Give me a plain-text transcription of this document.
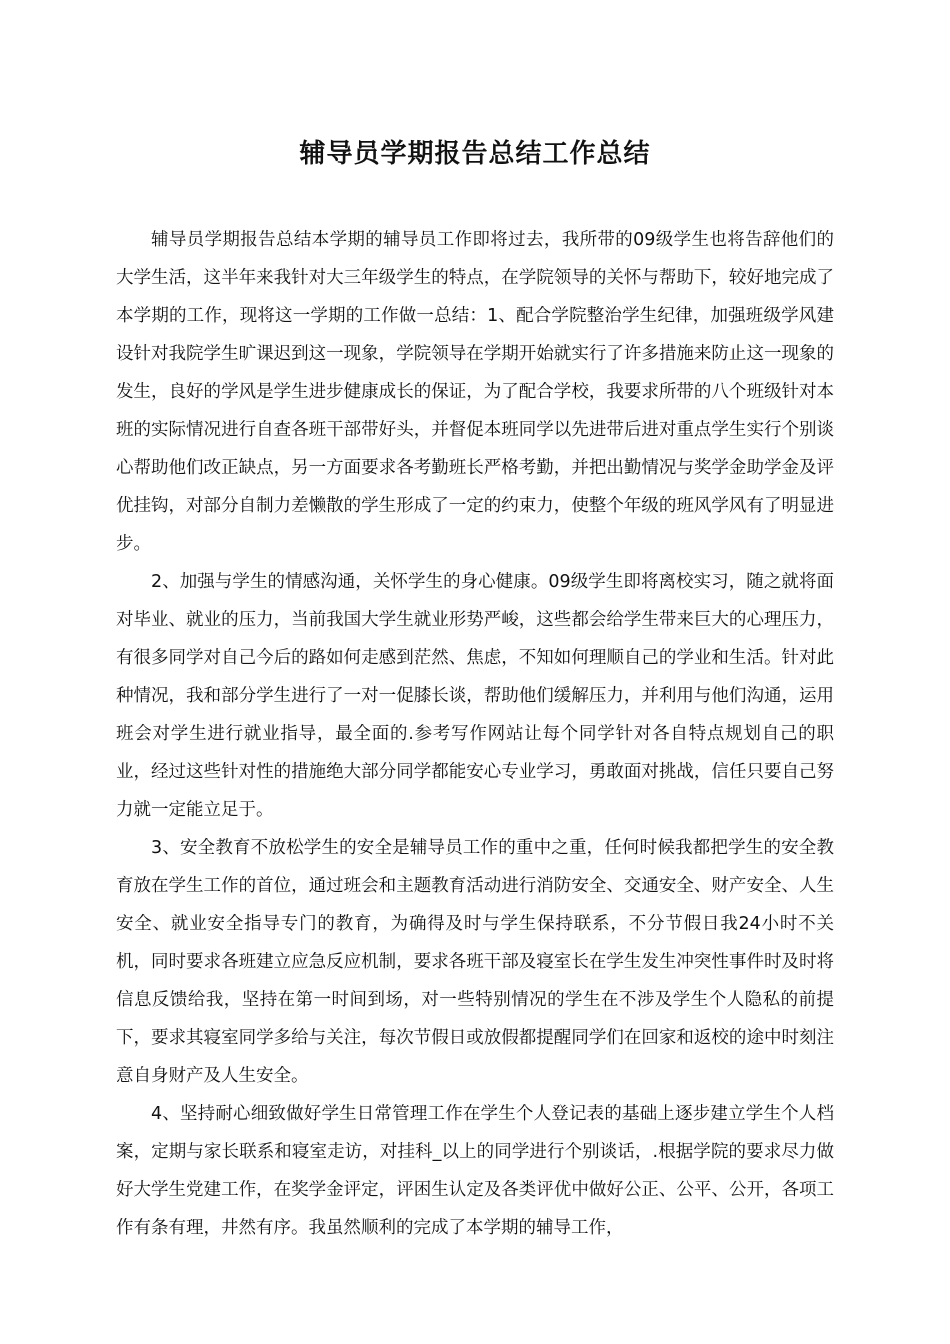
辅导员学期报告总结工作总结

辅导员学期报告总结本学期的辅导员工作即将过去，我所带的09级学生也将告辞他们的大学生活，这半年来我针对大三年级学生的特点，在学院领导的关怀与帮助下，较好地完成了本学期的工作，现将这一学期的工作做一总结：1、配合学院整治学生纪律，加强班级学风建设针对我院学生旷课迟到这一现象，学院领导在学期开始就实行了许多措施来防止这一现象的发生，良好的学风是学生进步健康成长的保证，为了配合学校，我要求所带的八个班级针对本班的实际情况进行自查各班干部带好头，并督促本班同学以先进带后进对重点学生实行个别谈心帮助他们改正缺点，另一方面要求各考勤班长严格考勤，并把出勤情况与奖学金助学金及评优挂钩，对部分自制力差懒散的学生形成了一定的约束力，使整个年级的班风学风有了明显进步。

2、加强与学生的情感沟通，关怀学生的身心健康。09级学生即将离校实习，随之就将面对毕业、就业的压力，当前我国大学生就业形势严峻，这些都会给学生带来巨大的心理压力，有很多同学对自己今后的路如何走感到茫然、焦虑，不知如何理顺自己的学业和生活。针对此种情况，我和部分学生进行了一对一促膝长谈，帮助他们缓解压力，并利用与他们沟通，运用班会对学生进行就业指导，最全面的.参考写作网站让每个同学针对各自特点规划自己的职业，经过这些针对性的措施绝大部分同学都能安心专业学习，勇敢面对挑战，信任只要自己努力就一定能立足于。

3、安全教育不放松学生的安全是辅导员工作的重中之重，任何时候我都把学生的安全教育放在学生工作的首位，通过班会和主题教育活动进行消防安全、交通安全、财产安全、人生安全、就业安全指导专门的教育，为确得及时与学生保持联系，不分节假日我24小时不关机，同时要求各班建立应急反应机制，要求各班干部及寝室长在学生发生冲突性事件时及时将信息反馈给我，坚持在第一时间到场，对一些特别情况的学生在不涉及学生个人隐私的前提下，要求其寝室同学多给与关注，每次节假日或放假都提醒同学们在回家和返校的途中时刻注意自身财产及人生安全。

4、坚持耐心细致做好学生日常管理工作在学生个人登记表的基础上逐步建立学生个人档案，定期与家长联系和寝室走访，对挂科_以上的同学进行个别谈话，.根据学院的要求尽力做好大学生党建工作，在奖学金评定，评困生认定及各类评优中做好公正、公平、公开，各项工作有条有理，井然有序。我虽然顺利的完成了本学期的辅导工作，
